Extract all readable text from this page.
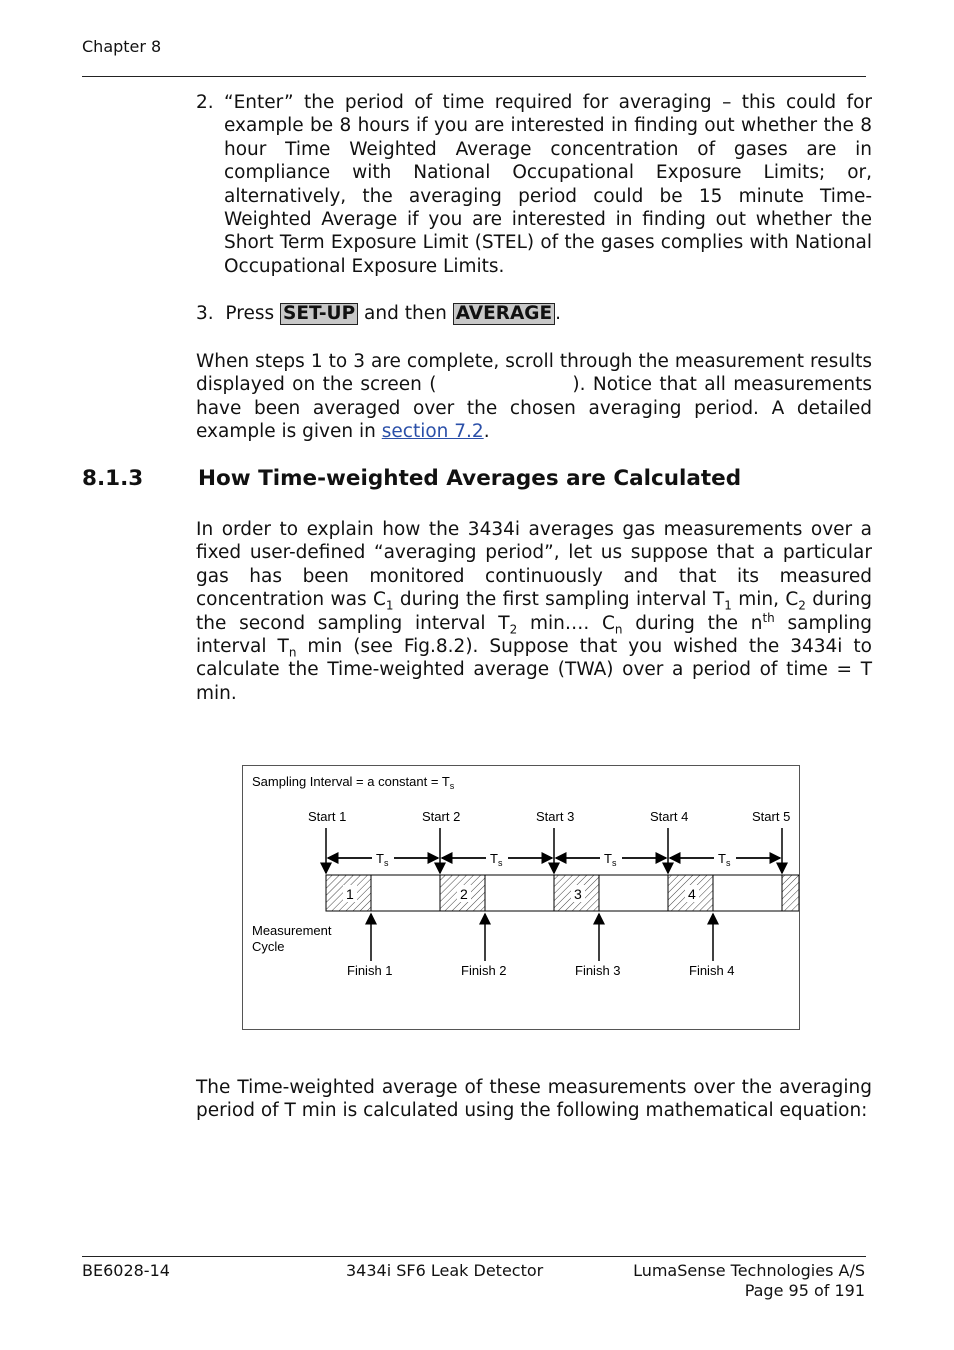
Chapter 8
2. “Enter” the period of time required for averaging – this could for example be 8 hours if you are interested in finding out whether the 8 hour Time Weighted Average concentration of gases are in compliance with National Occupational Exposure Limits; or, alternatively, the averaging period could be 15 minute Time-Weighted Average if you are interested in finding out whether the Short Term Exposure Limit (STEL) of the gases complies with National Occupational Exposure Limits.
3. Press SET-UP and then AVERAGE .
When steps 1 to 3 are complete, scroll through the measurement results displayed on the screen (	). Notice that all measurements have been averaged over the chosen averaging period. A detailed example is given in section 7.2.
8.1.3	How Time-weighted Averages are Calculated
In order to explain how the 3434i averages gas measurements over a fixed user-defined “averaging period”, let us suppose that a particular gas has been monitored continuously and that its measured concentration was $C_1$ during the first sampling interval $T_1$ min, $C_2$ during the second sampling interval $T_2$ min…. $C_n$ during the $n^{th}$ sampling interval $T_n$ min (see Fig.8.2). Suppose that you wished the 3434i to calculate the Time-weighted average (TWA) over a period of time = T min.
Sampling Interval = a constant = $T_s$
Start 1	Start 2	Start 3	Start 4	Start 5
1
$T_s$
Finish 1
2
$T_s$
Finish 2
3
$T_s$
Finish 3
4
$T_s$
Finish 4
Measurement
Cycle
The Time-weighted average of these measurements over the averaging period of T min is calculated using the following mathematical equation:
BE6028-14	3434i SF6 Leak Detector	LumaSense Technologies A/S
Page 95 of 191
